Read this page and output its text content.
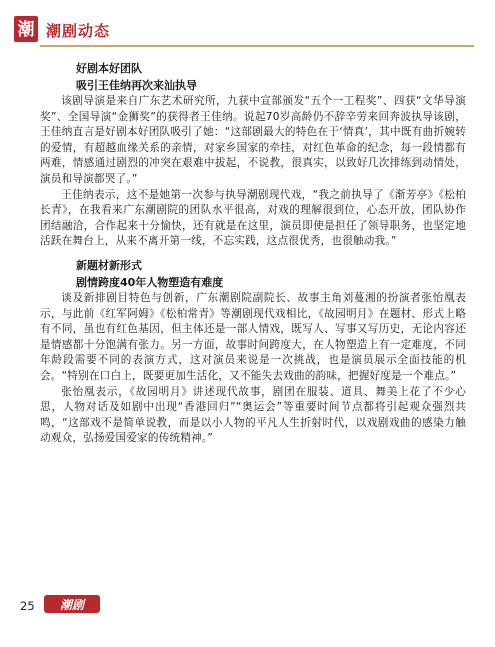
潮 潮剧动态

好剧本好团队

吸引王佳纳再次来汕执导

该剧导演是来自广东艺术研究所，九获中宣部颁发“五个一工程奖”、四获“文华导演奖”、全国导演“金狮奖”的获得者王佳纳。说起70岁高龄仍不辞辛劳来回奔波执导该剧，王佳纳直言是好剧本好团队吸引了她：“这部剧最大的特色在于‘情真’，其中既有曲折婉转的爱情，有超越血缘关系的亲情，对家乡国家的牵挂，对红色革命的纪念，每一段情都有两难，情感通过剧烈的冲突在艰难中拔起，不说教，很真实，以致好几次排练到动情处，演员和导演都哭了。”

王佳纳表示，这不是她第一次参与执导潮剧现代戏，“我之前执导了《渐芳亭》《松柏长青》，在我看来广东潮剧院的团队水平很高，对戏的理解很到位，心态开放，团队协作团结融洽，合作起来十分愉快，还有就是在这里，演员即使是担任了领导职务，也坚定地活跃在舞台上，从来不离开第一线，不忘实践，这点很优秀，也很触动我。”

新题材新形式

剧情跨度40年人物塑造有难度

谈及新排剧目特色与创新，广东潮剧院副院长、故事主角刘蔓湘的扮演者张怡凰表示，与此前《红军阿姆》《松柏常青》等潮剧现代戏相比，《故园明月》在题材、形式上略有不同，虽也有红色基因，但主体还是一部人情戏，既写人、写事又写历史，无论内容还是情感都十分饱满有张力。另一方面，故事时间跨度大，在人物塑造上有一定难度，不同年龄段需要不同的表演方式，这对演员来说是一次挑战，也是演员展示全面技能的机会。“特别在口白上，既要更加生活化，又不能失去戏曲的韵味，把握好度是一个难点。”

张怡凰表示，《故园明月》讲述现代故事，剧团在服装、道具、舞美上花了不少心思，人物对话及如剧中出现“香港回归”“奥运会”等重要时间节点都将引起观众强烈共鸣，“这部戏不是简单说教，而是以小人物的平凡人生折射时代，以戏剧戏曲的感染力触动观众，弘扬爱国爱家的传统精神。”

25 潮剧
